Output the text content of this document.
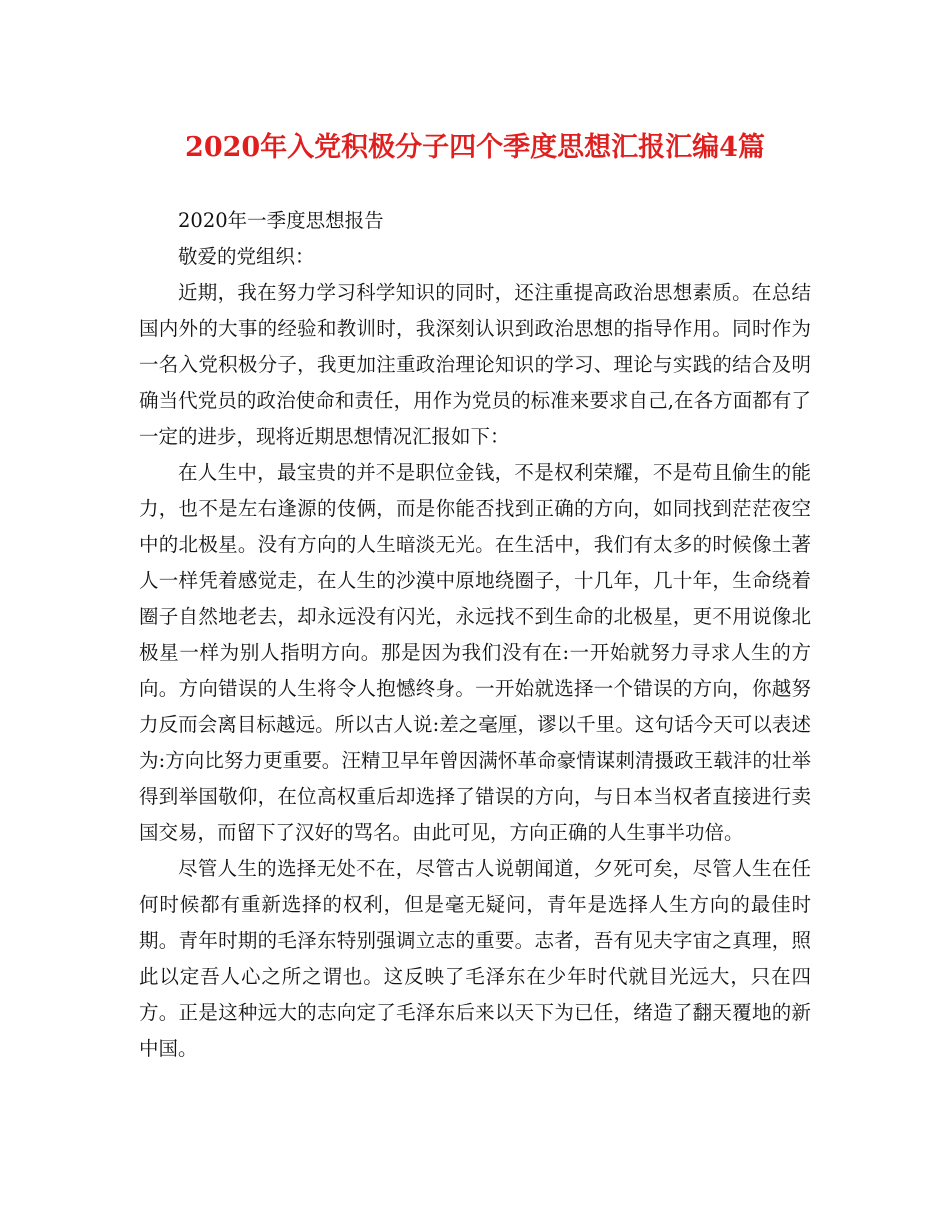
2020年入党积极分子四个季度思想汇报汇编4篇

2020年一季度思想报告

敬爱的党组织：

近期，我在努力学习科学知识的同时，还注重提高政治思想素质。在总结国内外的大事的经验和教训时，我深刻认识到政治思想的指导作用。同时作为一名入党积极分子，我更加注重政治理论知识的学习、理论与实践的结合及明确当代党员的政治使命和责任，用作为党员的标准来要求自己,在各方面都有了一定的进步，现将近期思想情况汇报如下：

在人生中，最宝贵的并不是职位金钱，不是权利荣耀，不是苟且偷生的能力，也不是左右逢源的伎俩，而是你能否找到正确的方向，如同找到茫茫夜空中的北极星。没有方向的人生暗淡无光。在生活中，我们有太多的时候像土著人一样凭着感觉走，在人生的沙漠中原地绕圈子，十几年，几十年，生命绕着圈子自然地老去，却永远没有闪光，永远找不到生命的北极星，更不用说像北极星一样为别人指明方向。那是因为我们没有在:一开始就努力寻求人生的方向。方向错误的人生将令人抱憾终身。一开始就选择一个错误的方向，你越努力反而会离目标越远。所以古人说:差之毫厘，谬以千里。这句话今天可以表述为:方向比努力更重要。汪精卫早年曾因满怀革命豪情谋刺清摄政王载沣的壮举得到举国敬仰，在位高权重后却选择了错误的方向，与日本当权者直接进行卖国交易，而留下了汉好的骂名。由此可见，方向正确的人生事半功倍。

尽管人生的选择无处不在，尽管古人说朝闻道，夕死可矣，尽管人生在任何时候都有重新选择的权利，但是毫无疑问，青年是选择人生方向的最佳时期。青年时期的毛泽东特别强调立志的重要。志者，吾有见夫字宙之真理，照此以定吾人心之所之谓也。这反映了毛泽东在少年时代就目光远大，只在四方。正是这种远大的志向定了毛泽东后来以天下为已任，绪造了翻天覆地的新中国。
